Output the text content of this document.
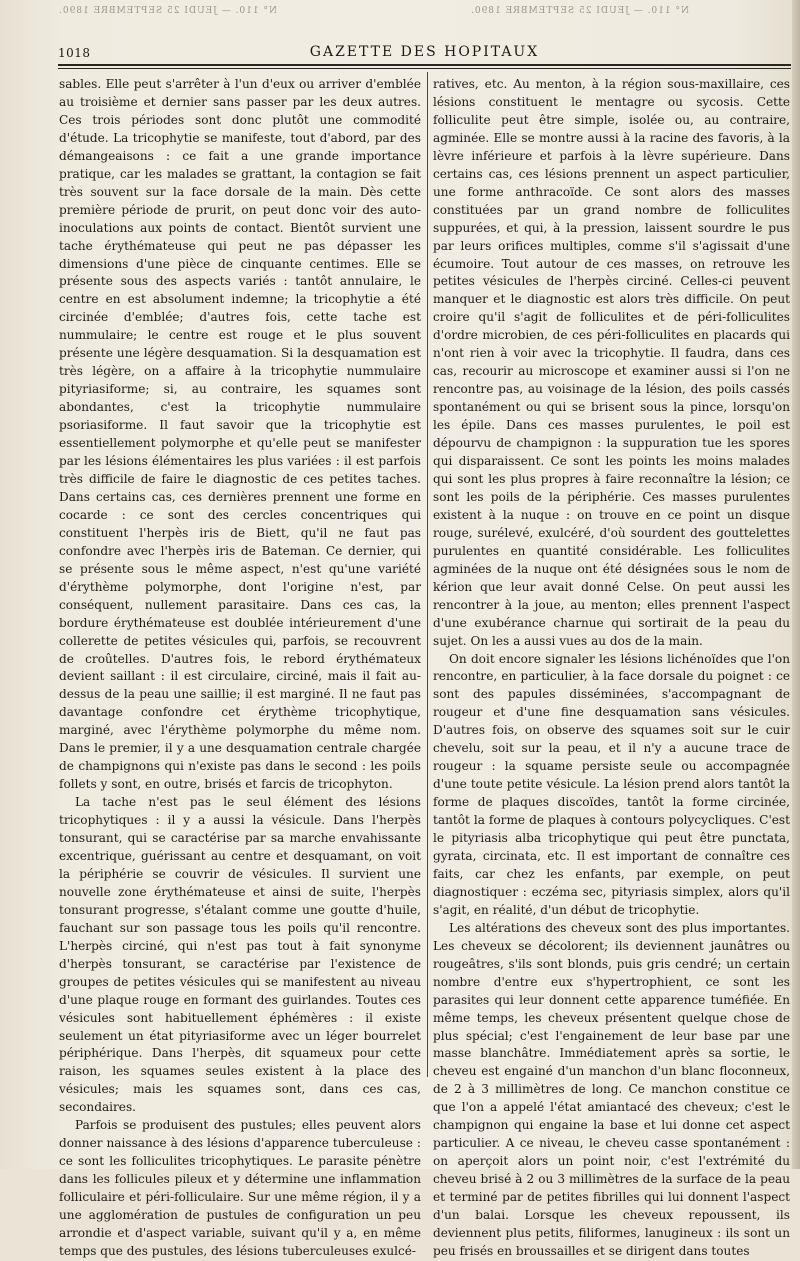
N° 110. — JEUDI 25 SEPTEMBRE 1890.	N° 110. — JEUDI 25 SEPTEMBRE 1890.
1018	GAZETTE DES HOPITAUX

sables. Elle peut s'arrêter à l'un d'eux ou arriver d'emblée au troisième et dernier sans passer par les deux autres. Ces trois périodes sont donc plutôt une commodité d'étude. La tricophytie se manifeste, tout d'abord, par des démangeaisons : ce fait a une grande importance pratique, car les malades se grattant, la contagion se fait très souvent sur la face dorsale de la main. Dès cette première période de prurit, on peut donc voir des auto-inoculations aux points de contact. Bientôt survient une tache érythémateuse qui peut ne pas dépasser les dimensions d'une pièce de cinquante centimes. Elle se présente sous des aspects variés : tantôt annulaire, le centre en est absolument indemne; la tricophytie a été circinée d'emblée; d'autres fois, cette tache est nummulaire; le centre est rouge et le plus souvent présente une légère desquamation. Si la desquamation est très légère, on a affaire à la tricophytie nummulaire pityriasiforme; si, au contraire, les squames sont abondantes, c'est la tricophytie nummulaire psoriasiforme. Il faut savoir que la tricophytie est essentiellement polymorphe et qu'elle peut se manifester par les lésions élémentaires les plus variées : il est parfois très difficile de faire le diagnostic de ces petites taches. Dans certains cas, ces dernières prennent une forme en cocarde : ce sont des cercles concentriques qui constituent l'herpès iris de Biett, qu'il ne faut pas confondre avec l'herpès iris de Bateman. Ce dernier, qui se présente sous le même aspect, n'est qu'une variété d'érythème polymorphe, dont l'origine n'est, par conséquent, nullement parasitaire. Dans ces cas, la bordure érythémateuse est doublée intérieurement d'une collerette de petites vésicules qui, parfois, se recouvrent de croûtelles. D'autres fois, le rebord érythémateux devient saillant : il est circulaire, circiné, mais il fait au-dessus de la peau une saillie; il est marginé. Il ne faut pas davantage confondre cet érythème tricophytique, marginé, avec l'érythème polymorphe du même nom. Dans le premier, il y a une desquamation centrale chargée de champignons qui n'existe pas dans le second : les poils follets y sont, en outre, brisés et farcis de tricophyton.

La tache n'est pas le seul élément des lésions tricophytiques : il y a aussi la vésicule. Dans l'herpès tonsurant, qui se caractérise par sa marche envahissante excentrique, guérissant au centre et desquamant, on voit la périphérie se couvrir de vésicules. Il survient une nouvelle zone érythémateuse et ainsi de suite, l'herpès tonsurant progresse, s'étalant comme une goutte d'huile, fauchant sur son passage tous les poils qu'il rencontre. L'herpès circiné, qui n'est pas tout à fait synonyme d'herpès tonsurant, se caractérise par l'existence de groupes de petites vésicules qui se manifestent au niveau d'une plaque rouge en formant des guirlandes. Toutes ces vésicules sont habituellement éphémères : il existe seulement un état pityriasiforme avec un léger bourrelet périphérique. Dans l'herpès, dit squameux pour cette raison, les squames seules existent à la place des vésicules; mais les squames sont, dans ces cas, secondaires.

Parfois se produisent des pustules; elles peuvent alors donner naissance à des lésions d'apparence tuberculeuse : ce sont les folliculites tricophytiques. Le parasite pénètre dans les follicules pileux et y détermine une inflammation folliculaire et péri-folliculaire. Sur une même région, il y a une agglomération de pustules de configuration un peu arrondie et d'aspect variable, suivant qu'il y a, en même temps que des pustules, des lésions tuberculeuses exulcé-

ratives, etc. Au menton, à la région sous-maxillaire, ces lésions constituent le mentagre ou sycosis. Cette folliculite peut être simple, isolée ou, au contraire, agminée. Elle se montre aussi à la racine des favoris, à la lèvre inférieure et parfois à la lèvre supérieure. Dans certains cas, ces lésions prennent un aspect particulier, une forme anthracoïde. Ce sont alors des masses constituées par un grand nombre de folliculites suppurées, et qui, à la pression, laissent sourdre le pus par leurs orifices multiples, comme s'il s'agissait d'une écumoire. Tout autour de ces masses, on retrouve les petites vésicules de l'herpès circiné. Celles-ci peuvent manquer et le diagnostic est alors très difficile. On peut croire qu'il s'agit de folliculites et de péri-folliculites d'ordre microbien, de ces péri-folliculites en placards qui n'ont rien à voir avec la tricophytie. Il faudra, dans ces cas, recourir au microscope et examiner aussi si l'on ne rencontre pas, au voisinage de la lésion, des poils cassés spontanément ou qui se brisent sous la pince, lorsqu'on les épile. Dans ces masses purulentes, le poil est dépourvu de champignon : la suppuration tue les spores qui disparaissent. Ce sont les points les moins malades qui sont les plus propres à faire reconnaître la lésion; ce sont les poils de la périphérie. Ces masses purulentes existent à la nuque : on trouve en ce point un disque rouge, surélevé, exulcéré, d'où sourdent des gouttelettes purulentes en quantité considérable. Les folliculites agminées de la nuque ont été désignées sous le nom de kérion que leur avait donné Celse. On peut aussi les rencontrer à la joue, au menton; elles prennent l'aspect d'une exubérance charnue qui sortirait de la peau du sujet. On les a aussi vues au dos de la main.

On doit encore signaler les lésions lichénoïdes que l'on rencontre, en particulier, à la face dorsale du poignet : ce sont des papules disséminées, s'accompagnant de rougeur et d'une fine desquamation sans vésicules. D'autres fois, on observe des squames soit sur le cuir chevelu, soit sur la peau, et il n'y a aucune trace de rougeur : la squame persiste seule ou accompagnée d'une toute petite vésicule. La lésion prend alors tantôt la forme de plaques discoïdes, tantôt la forme circinée, tantôt la forme de plaques à contours polycycliques. C'est le pityriasis alba tricophytique qui peut être punctata, gyrata, circinata, etc. Il est important de connaître ces faits, car chez les enfants, par exemple, on peut diagnostiquer : eczéma sec, pityriasis simplex, alors qu'il s'agit, en réalité, d'un début de tricophytie.

Les altérations des cheveux sont des plus importantes. Les cheveux se décolorent; ils deviennent jaunâtres ou rougeâtres, s'ils sont blonds, puis gris cendré; un certain nombre d'entre eux s'hypertrophient, ce sont les parasites qui leur donnent cette apparence tuméfiée. En même temps, les cheveux présentent quelque chose de plus spécial; c'est l'engainement de leur base par une masse blanchâtre. Immédiatement après sa sortie, le cheveu est engainé d'un manchon d'un blanc floconneux, de 2 à 3 millimètres de long. Ce manchon constitue ce que l'on a appelé l'état amiantacé des cheveux; c'est le champignon qui engaine la base et lui donne cet aspect particulier. A ce niveau, le cheveu casse spontanément : on aperçoit alors un point noir, c'est l'extrémité du cheveu brisé à 2 ou 3 millimètres de la surface de la peau et terminé par de petites fibrilles qui lui donnent l'aspect d'un balai. Lorsque les cheveux repoussent, ils deviennent plus petits, filiformes, lanugineux : ils sont un peu frisés en broussailles et se dirigent dans toutes
